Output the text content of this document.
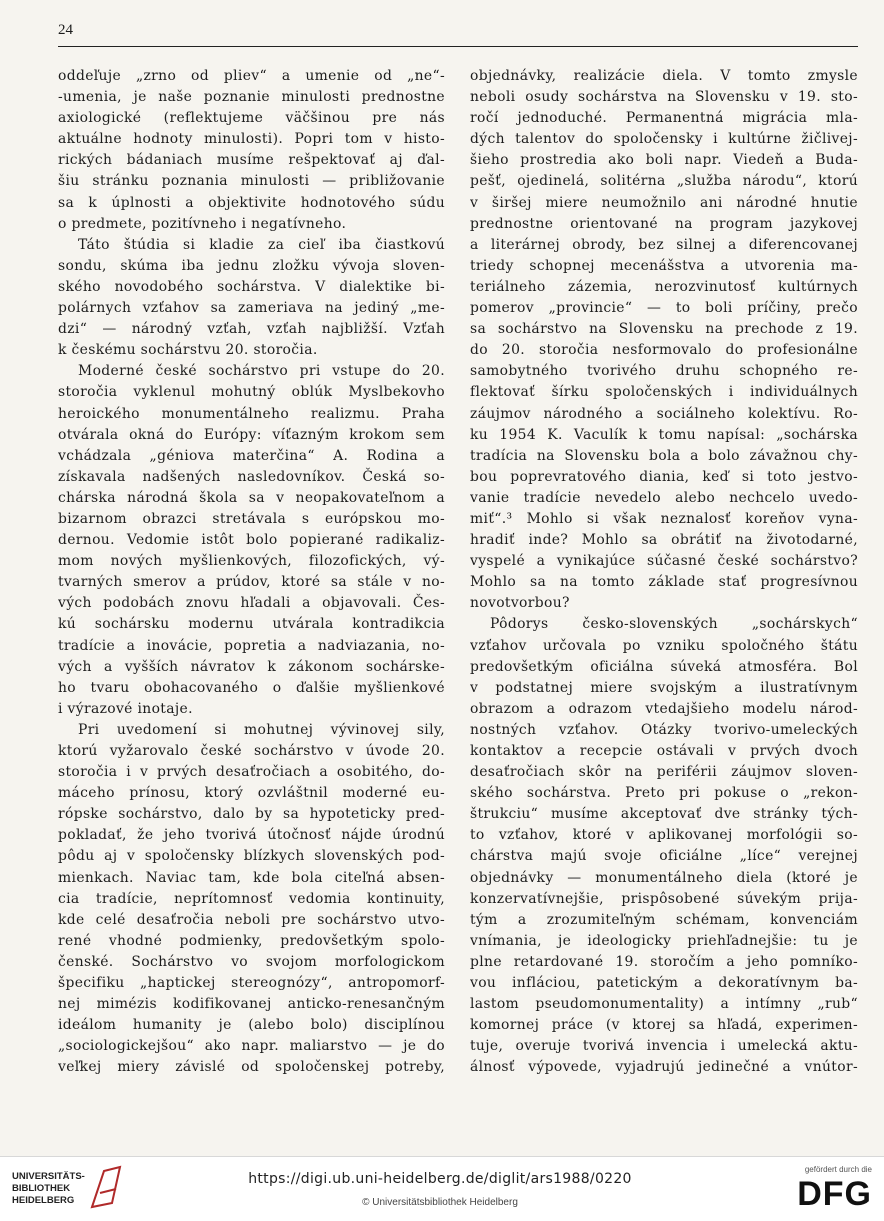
24
oddeľuje „zrno od pliev“ a umenie od „ne“-
-umenia, je naše poznanie minulosti prednostne
axiologické (reflektujeme väčšinou pre nás
aktuálne hodnoty minulosti). Popri tom v histo-
rických bádaniach musíme rešpektovať aj ďal-
šiu stránku poznania minulosti — približovanie
sa k úplnosti a objektivite hodnotového súdu
o predmete, pozitívneho i negatívneho.
Táto štúdia si kladie za cieľ iba čiastkovú
sondu, skúma iba jednu zložku vývoja sloven-
ského novodobého sochárstva. V dialektike bi-
polárnych vzťahov sa zameriava na jediný „me-
dzi“ — národný vzťah, vzťah najbližší. Vzťah
k českému sochárstvu 20. storočia.
Moderné české sochárstvo pri vstupe do 20.
storočia vyklenul mohutný oblúk Myslbekovho
heroického monumentálneho realizmu. Praha
otvárala okná do Európy: víťazným krokom sem
vchádzala „géniova materčina“ A. Rodina a
získavala nadšených nasledovníkov. Česká so-
chárska národná škola sa v neopakovateľnom a
bizarnom obrazci stretávala s európskou mo-
dernou. Vedomie istôt bolo popierané radikaliz-
mom nových myšlienkových, filozofických, vý-
tvarných smerov a prúdov, ktoré sa stále v no-
vých podobách znovu hľadali a objavovali. Čes-
kú sochársku modernu utvárala kontradikcia
tradície a inovácie, popretia a nadviazania, no-
vých a vyšších návratov k zákonom sochárske-
ho tvaru obohacovaného o ďalšie myšlienkové
i výrazové inotaje.
Pri uvedomení si mohutnej vývinovej sily,
ktorú vyžarovalo české sochárstvo v úvode 20.
storočia i v prvých desaťročiach a osobitého, do-
máceho prínosu, ktorý ozvláštnil moderné eu-
rópske sochárstvo, dalo by sa hypoteticky pred-
pokladať, že jeho tvorivá útočnosť nájde úrodnú
pôdu aj v spoločensky blízkych slovenských pod-
mienkach. Naviac tam, kde bola citeľná absen-
cia tradície, neprítomnosť vedomia kontinuity,
kde celé desaťročia neboli pre sochárstvo utvo-
rené vhodné podmienky, predovšetkým spolo-
čenské. Sochárstvo vo svojom morfologickom
špecifiku „haptickej stereognózy“, antropomorf-
nej mimézis kodifikovanej anticko-renesančným
ideálom humanity je (alebo bolo) disciplínou
„sociologickejšou“ ako napr. maliarstvo — je do
veľkej miery závislé od spoločenskej potreby,
objednávky, realizácie diela. V tomto zmysle
neboli osudy sochárstva na Slovensku v 19. sto-
ročí jednoduché. Permanentná migrácia mla-
dých talentov do spoločensky i kultúrne žičlivej-
šieho prostredia ako boli napr. Viedeň a Buda-
pešť, ojedinelá, solitérna „služba národu“, ktorú
v širšej miere neumožnilo ani národné hnutie
prednostne orientované na program jazykovej
a literárnej obrody, bez silnej a diferencovanej
triedy schopnej mecenášstva a utvorenia ma-
teriálneho zázemia, nerozvinutosť kultúrnych
pomerov „provincie“ — to boli príčiny, prečo
sa sochárstvo na Slovensku na prechode z 19.
do 20. storočia nesformovalo do profesionálne
samobytného tvorivého druhu schopného re-
flektovať šírku spoločenských i individuálnych
záujmov národného a sociálneho kolektívu. Ro-
ku 1954 K. Vaculík k tomu napísal: „sochárska
tradícia na Slovensku bola a bolo závažnou chy-
bou poprevratového diania, keď si toto jestvo-
vanie tradície nevedelo alebo nechcelo uvedo-
miť“.³ Mohlo si však neznalosť koreňov vyna-
hradiť inde? Mohlo sa obrátiť na životodarné,
vyspelé a vynikajúce súčasné české sochárstvo?
Mohlo sa na tomto základe stať progresívnou
novotvorbou?
Pôdorys česko-slovenských „sochárskych“
vzťahov určovala po vzniku spoločného štátu
predovšetkým oficiálna súveká atmosféra. Bol
v podstatnej miere svojským a ilustratívnym
obrazom a odrazom vtedajšieho modelu národ-
nostných vzťahov. Otázky tvorivo-umeleckých
kontaktov a recepcie ostávali v prvých dvoch
desaťročiach skôr na periférii záujmov sloven-
ského sochárstva. Preto pri pokuse o „rekon-
štrukciu“ musíme akceptovať dve stránky tých-
to vzťahov, ktoré v aplikovanej morfológii so-
chárstva majú svoje oficiálne „líce“ verejnej
objednávky — monumentálneho diela (ktoré je
konzervatívnejšie, prispôsobené súvekým prija-
tým a zrozumiteľným schémam, konvenciám
vnímania, je ideologicky priehľadnejšie: tu je
plne retardované 19. storočím a jeho pomníko-
vou infláciou, patetickým a dekoratívnym ba-
lastom pseudomonumentality) a intímny „rub“
komornej práce (v ktorej sa hľadá, experimen-
tuje, overuje tvorivá invencia i umelecká aktu-
álnosť výpovede, vyjadrujú jedinečné a vnútor-
UNIVERSITÄTS-
BIBLIOTHEK
HEIDELBERG
https://digi.ub.uni-heidelberg.de/diglit/ars1988/0220
© Universitätsbibliothek Heidelberg
gefördert durch die
DFG
